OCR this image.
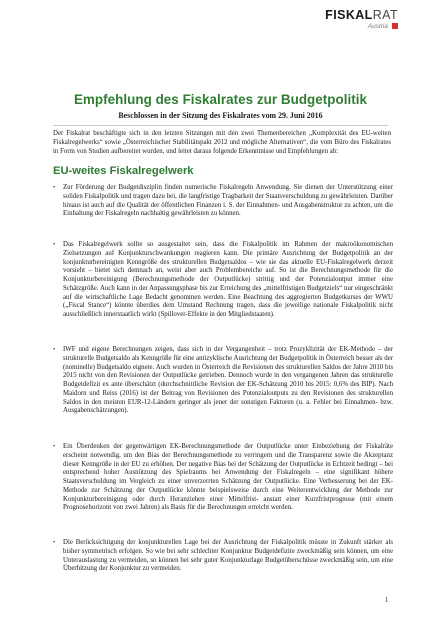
FISKALRAT
Austria
Empfehlung des Fiskalrates zur Budgetpolitik
Beschlossen in der Sitzung des Fiskalrates vom 29. Juni 2016

Der Fiskalrat beschäftigte sich in den letzten Sitzungen mit den zwei Themenbereichen „Komplexität des EU-weiten Fiskalregelwerks“ sowie „Österreichischer Stabilitätspakt 2012 und mögliche Alternativen“, die vom Büro des Fiskalrates in Form von Studien aufbereitet wurden, und leitet daraus folgende Erkenntnisse und Empfehlungen ab:

EU-weites Fiskalregelwerk
•	Zur Förderung der Budgetdisziplin finden numerische Fiskalregeln Anwendung. Sie dienen der Unterstützung einer soliden Fiskalpolitik und tragen dazu bei, die langfristige Tragbarkeit der Staatsverschuldung zu gewährleisten. Darüber hinaus ist auch auf die Qualität der öffentlichen Finanzen i. S. der Einnahmen- und Ausgabenstruktur zu achten, um die Einhaltung der Fiskalregeln nachhaltig gewährleisten zu können.
•	Das Fiskalregelwerk sollte so ausgestaltet sein, dass die Fiskalpolitik im Rahmen der makroökonomischen Zielsetzungen auf Konjunkturschwankungen reagieren kann. Die primäre Ausrichtung der Budgetpolitik an der konjunkturbereinigten Kenngröße des strukturellen Budgetsaldos – wie sie das aktuelle EU-Fiskalregelwerk derzeit vorsieht – bietet sich demnach an, weist aber auch Problembereiche auf. So ist die Berechnungsmethode für die Konjunkturbereinigung (Berechnungsmethode der Outputlücke) strittig und der Potenzialoutput immer eine Schätzgröße. Auch kann in der Anpassungsphase bis zur Erreichung des „mittelfristigen Budgetziels“ nur eingeschränkt auf die wirtschaftliche Lage Bedacht genommen werden. Eine Beachtung des aggregierten Budgetkurses der WWU („Fiscal Stance“) könnte überdies dem Umstand Rechnung tragen, dass die jeweilige nationale Fiskalpolitik nicht ausschließlich innerstaatlich wirkt (Spillover-Effekte in den Mitgliedstaaten).
•	IWF und eigene Berechnungen zeigen, dass sich in der Vergangenheit – trotz Prozyklizität der EK-Methode – der strukturelle Budgetsaldo als Kenngröße für eine antizyklische Ausrichtung der Budgetpolitik in Österreich besser als der (nominelle) Budgetsaldo eignete. Auch wurden in Österreich die Revisionen des strukturellen Saldos der Jahre 2010 bis 2015 nicht von den Revisionen der Outputlücke getrieben. Dennoch wurde in den vergangenen Jahren das strukturelle Budgetdefizit ex ante überschätzt (durchschnittliche Revision der EK-Schätzung 2010 bis 2015: 0,6% des BIP). Nach Maidorn und Reiss (2016) ist der Beitrag von Revisionen des Potenzialoutputs zu den Revisionen des strukturellen Saldos in den meisten EUR-12-Ländern geringer als jener der sonstigen Faktoren (u. a. Fehler bei Einnahmen- bzw. Ausgabenschätzungen).
•	Ein Überdenken der gegenwärtigen EK-Berechnungsmethode der Outputlücke unter Einbeziehung der Fiskalräte erscheint notwendig, um den Bias der Berechnungsmethode zu verringern und die Transparenz sowie die Akzeptanz dieser Kenngröße in der EU zu erhöhen. Der negative Bias bei der Schätzung der Outputlücke in Echtzeit bedingt – bei entsprechend hoher Ausnützung des Spielraums bei Anwendung der Fiskalregeln – eine signifikant höhere Staatsverschuldung im Vergleich zu einer unverzerrten Schätzung der Outputlücke. Eine Verbesserung bei der EK-Methode zur Schätzung der Outputlücke könnte beispielsweise durch eine Weiterentwicklung der Methode zur Konjunkturbereinigung oder durch Heranziehen einer Mittelfrist- anstatt einer Kurzfristprognose (mit einem Prognosehorizont von zwei Jahren) als Basis für die Berechnungen erreicht werden.
•	Die Berücksichtigung der konjunkturellen Lage bei der Ausrichtung der Fiskalpolitik müsste in Zukunft stärker als bisher symmetrisch erfolgen. So wie bei sehr schlechter Konjunktur Budgetdefizite zweckmäßig sein können, um eine Unterauslastung zu vermeiden, so können bei sehr guter Konjunkturlage Budgetüberschüsse zweckmäßig sein, um eine Überhitzung der Konjunktur zu vermeiden.
1
